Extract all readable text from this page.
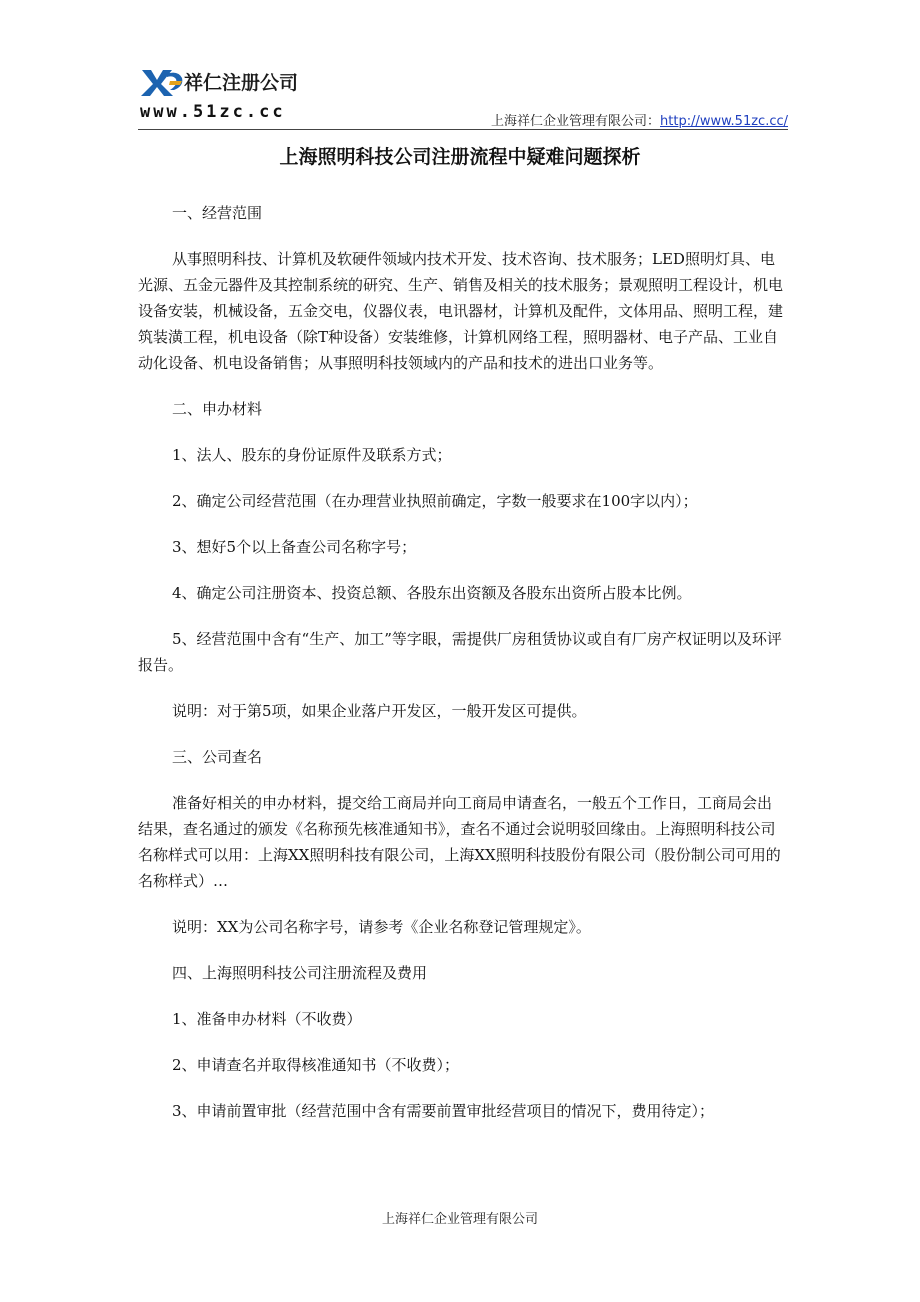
祥仁注册公司
www.51zc.cc	上海祥仁企业管理有限公司：http://www.51zc.cc/
上海照明科技公司注册流程中疑难问题探析

一、经营范围

从事照明科技、计算机及软硬件领域内技术开发、技术咨询、技术服务；LED照明灯具、电光源、五金元器件及其控制系统的研究、生产、销售及相关的技术服务；景观照明工程设计，机电设备安装，机械设备，五金交电，仪器仪表，电讯器材，计算机及配件，文体用品、照明工程，建筑装潢工程，机电设备（除T种设备）安装维修，计算机网络工程，照明器材、电子产品、工业自动化设备、机电设备销售；从事照明科技领域内的产品和技术的进出口业务等。

二、申办材料

1、法人、股东的身份证原件及联系方式；

2、确定公司经营范围（在办理营业执照前确定，字数一般要求在100字以内）；

3、想好5个以上备查公司名称字号；

4、确定公司注册资本、投资总额、各股东出资额及各股东出资所占股本比例。

5、经营范围中含有“生产、加工”等字眼，需提供厂房租赁协议或自有厂房产权证明以及环评报告。

说明：对于第5项，如果企业落户开发区，一般开发区可提供。

三、公司查名

准备好相关的申办材料，提交给工商局并向工商局申请查名，一般五个工作日，工商局会出结果，查名通过的颁发《名称预先核准通知书》，查名不通过会说明驳回缘由。上海照明科技公司名称样式可以用：上海XX照明科技有限公司，上海XX照明科技股份有限公司（股份制公司可用的名称样式）…

说明：XX为公司名称字号，请参考《企业名称登记管理规定》。

四、上海照明科技公司注册流程及费用

1、准备申办材料（不收费）

2、申请查名并取得核准通知书（不收费）；

3、申请前置审批（经营范围中含有需要前置审批经营项目的情况下，费用待定）；

上海祥仁企业管理有限公司
